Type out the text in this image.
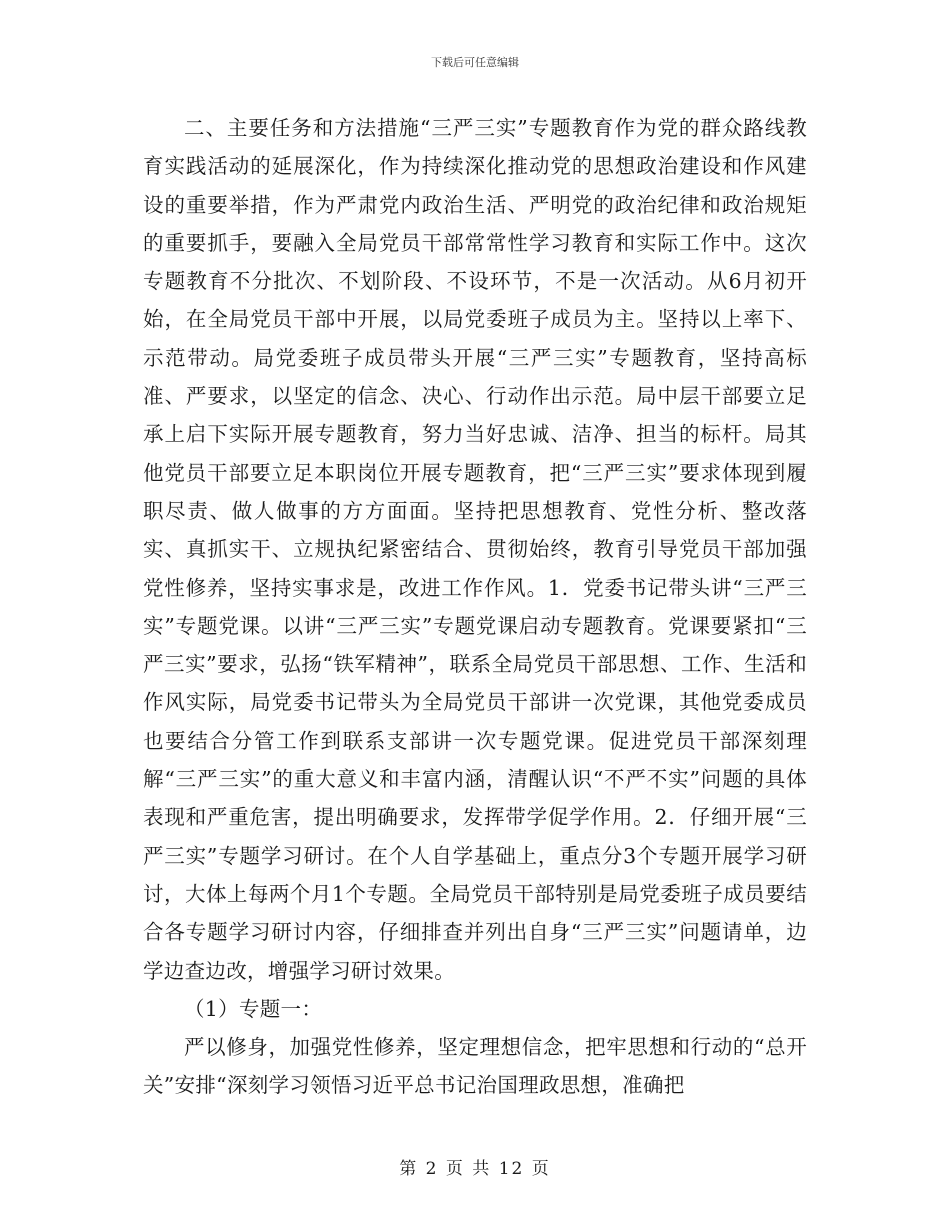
下载后可任意编辑

二、主要任务和方法措施“三严三实”专题教育作为党的群众路线教育实践活动的延展深化，作为持续深化推动党的思想政治建设和作风建设的重要举措，作为严肃党内政治生活、严明党的政治纪律和政治规矩的重要抓手，要融入全局党员干部常常性学习教育和实际工作中。这次专题教育不分批次、不划阶段、不设环节，不是一次活动。从6月初开始，在全局党员干部中开展，以局党委班子成员为主。坚持以上率下、示范带动。局党委班子成员带头开展“三严三实”专题教育，坚持高标准、严要求，以坚定的信念、决心、行动作出示范。局中层干部要立足承上启下实际开展专题教育，努力当好忠诚、洁净、担当的标杆。局其他党员干部要立足本职岗位开展专题教育，把“三严三实”要求体现到履职尽责、做人做事的方方面面。坚持把思想教育、党性分析、整改落实、真抓实干、立规执纪紧密结合、贯彻始终，教育引导党员干部加强党性修养，坚持实事求是，改进工作作风。1．党委书记带头讲“三严三实”专题党课。以讲“三严三实”专题党课启动专题教育。党课要紧扣“三严三实”要求，弘扬“铁军精神”，联系全局党员干部思想、工作、生活和作风实际，局党委书记带头为全局党员干部讲一次党课，其他党委成员也要结合分管工作到联系支部讲一次专题党课。促进党员干部深刻理解“三严三实”的重大意义和丰富内涵，清醒认识“不严不实”问题的具体表现和严重危害，提出明确要求，发挥带学促学作用。2．仔细开展“三严三实”专题学习研讨。在个人自学基础上，重点分3个专题开展学习研讨，大体上每两个月1个专题。全局党员干部特别是局党委班子成员要结合各专题学习研讨内容，仔细排查并列出自身“三严三实”问题请单，边学边查边改，增强学习研讨效果。

（1）专题一：

严以修身，加强党性修养，坚定理想信念，把牢思想和行动的“总开关”安排“深刻学习领悟习近平总书记治国理政思想，准确把

第 2 页 共 12 页
